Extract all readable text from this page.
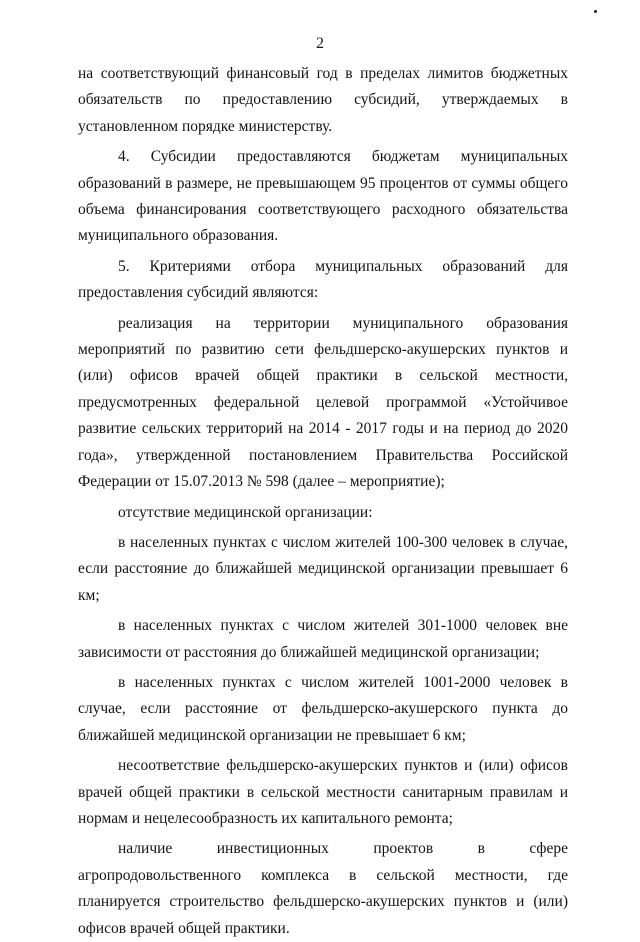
2

на соответствующий финансовый год в пределах лимитов бюджетных обязательств по предоставлению субсидий, утверждаемых в установленном порядке министерству.

4. Субсидии предоставляются бюджетам муниципальных образований в размере, не превышающем 95 процентов от суммы общего объема финансирования соответствующего расходного обязательства муниципального образования.

5. Критериями отбора муниципальных образований для предоставления субсидий являются:

реализация на территории муниципального образования мероприятий по развитию сети фельдшерско-акушерских пунктов и (или) офисов врачей общей практики в сельской местности, предусмотренных федеральной целевой программой «Устойчивое развитие сельских территорий на 2014 - 2017 годы и на период до 2020 года», утвержденной постановлением Правительства Российской Федерации от 15.07.2013 № 598 (далее – мероприятие);

отсутствие медицинской организации:

в населенных пунктах с числом жителей 100-300 человек в случае, если расстояние до ближайшей медицинской организации превышает 6 км;

в населенных пунктах с числом жителей 301-1000 человек вне зависимости от расстояния до ближайшей медицинской организации;

в населенных пунктах с числом жителей 1001-2000 человек в случае, если расстояние от фельдшерско-акушерского пункта до ближайшей медицинской организации не превышает 6 км;

несоответствие фельдшерско-акушерских пунктов и (или) офисов врачей общей практики в сельской местности санитарным правилам и нормам и нецелесообразность их капитального ремонта;

наличие инвестиционных проектов в сфере агропродовольственного комплекса в сельской местности, где планируется строительство фельдшерско-акушерских пунктов и (или) офисов врачей общей практики.
